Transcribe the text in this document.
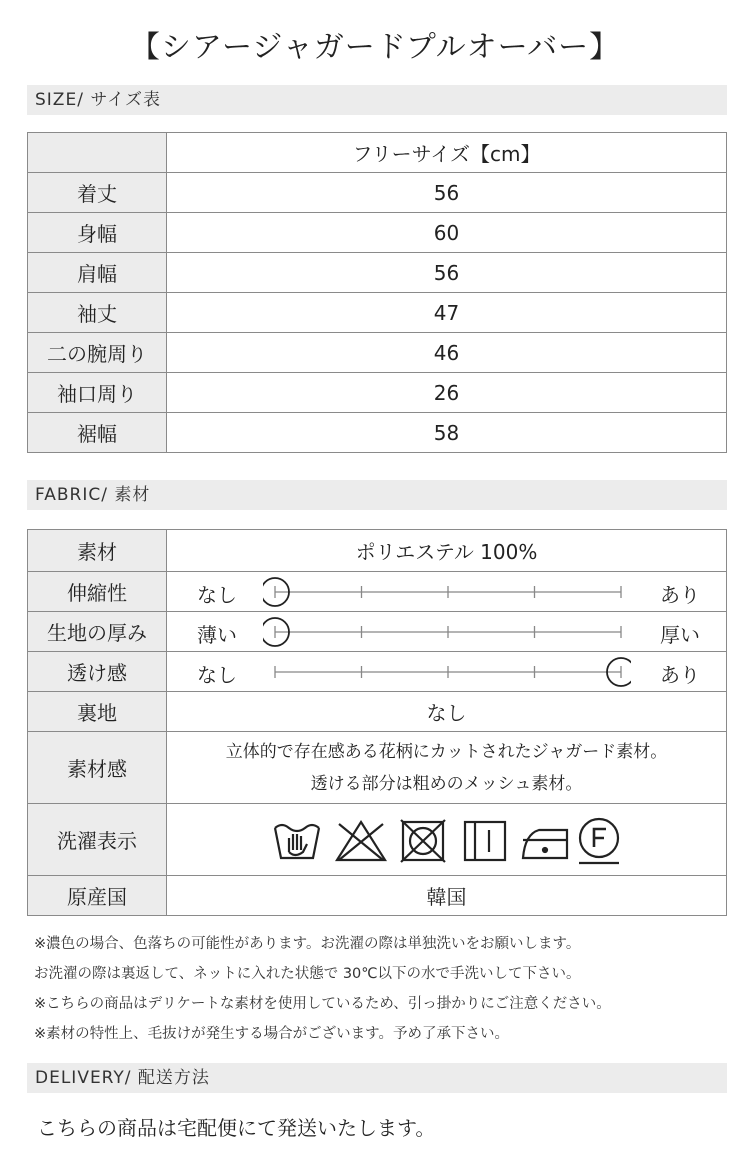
【シアージャガードプルオーバー】
SIZE/ サイズ表
	フリーサイズ【cm】
着丈	56
身幅	60
肩幅	56
袖丈	47
二の腕周り	46
袖口周り	26
裾幅	58
FABRIC/ 素材
素材	ポリエステル 100%
伸縮性	なし あり

生地の厚み	薄い 厚い

透け感	なし あり

裏地	なし
素材感	立体的で存在感ある花柄にカットされたジャガード素材。
透ける部分は粗めのメッシュ素材。

洗濯表示	

原産国	韓国
※濃色の場合、色落ちの可能性があります。お洗濯の際は単独洗いをお願いします。
お洗濯の際は裏返して、ネットに入れた状態で 30℃以下の水で手洗いして下さい。
※こちらの商品はデリケートな素材を使用しているため、引っ掛かりにご注意ください。
※素材の特性上、毛抜けが発生する場合がございます。予め了承下さい。
DELIVERY/ 配送方法
こちらの商品は宅配便にて発送いたします。
